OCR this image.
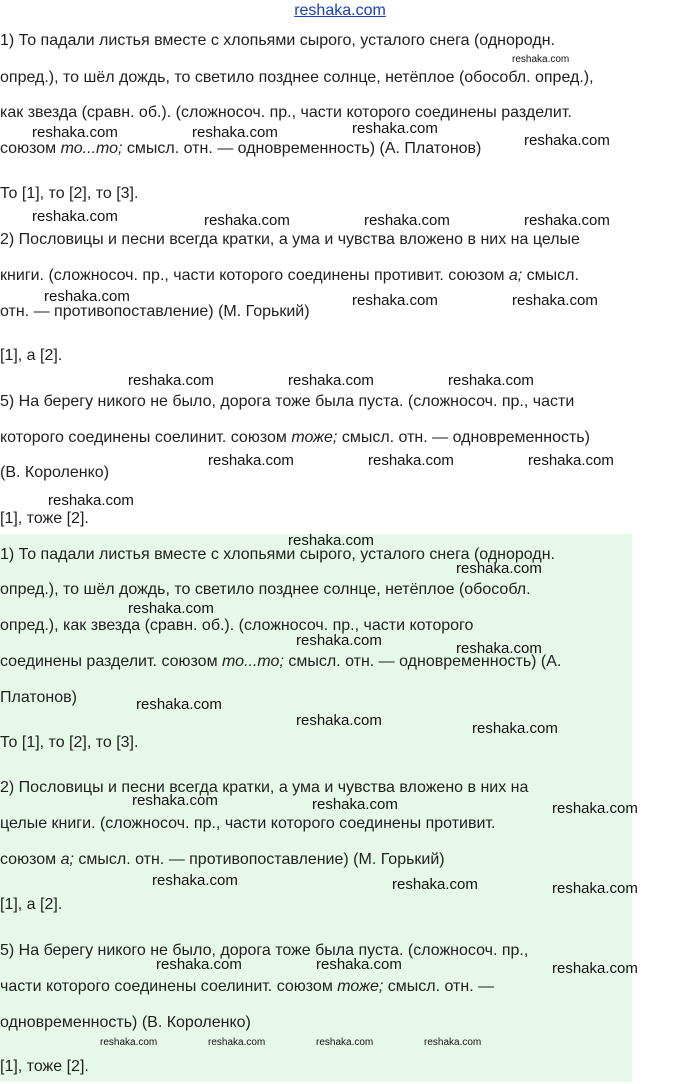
reshaka.com
1) То падали листья вместе с хлопьями сырого, усталого снега (однородн.
опред.), то шёл дождь, то светило позднее солнце, нетёплое (обособл. опред.),
как звезда (сравн. об.). (сложносоч. пр., части которого соединены разделит.
союзом то...то; смысл. отн. — одновременность) (А. Платонов)
То [1], то [2], то [3].
2) Пословицы и песни всегда кратки, а ума и чувства вложено в них на целые
книги. (сложносоч. пр., части которого соединены противит. союзом а; смысл.
отн. — противопоставление) (М. Горький)
[1], а [2].
5) На берегу никого не было, дорога тоже была пуста. (сложносоч. пр., части
которого соединены соелинит. союзом тоже; смысл. отн. — одновременность)
(В. Короленко)
[1], тоже [2].
1) То падали листья вместе с хлопьями сырого, усталого снега (однородн.
опред.), то шёл дождь, то светило позднее солнце, нетёплое (обособл.
опред.), как звезда (сравн. об.). (сложносоч. пр., части которого
соединены разделит. союзом то...то; смысл. отн. — одновременность) (А.
Платонов)
То [1], то [2], то [3].
2) Пословицы и песни всегда кратки, а ума и чувства вложено в них на
целые книги. (сложносоч. пр., части которого соединены противит.
союзом а; смысл. отн. — противопоставление) (М. Горький)
[1], а [2].
5) На берегу никого не было, дорога тоже была пуста. (сложносоч. пр.,
части которого соединены соелинит. союзом тоже; смысл. отн. —
одновременность) (В. Короленко)
[1], тоже [2].
reshaka.com
reshaka.com	reshaka.com	reshaka.com
reshaka.com
reshaka.com	reshaka.com	reshaka.com	reshaka.com
reshaka.com	reshaka.com	reshaka.com
reshaka.com	reshaka.com	reshaka.com
reshaka.com	reshaka.com	reshaka.com
reshaka.com
reshaka.com
reshaka.com
reshaka.com
reshaka.com	reshaka.com
reshaka.com
reshaka.com	reshaka.com
reshaka.com	reshaka.com	reshaka.com
reshaka.com	reshaka.com	reshaka.com
reshaka.com	reshaka.com	reshaka.com
reshaka.com	reshaka.com	reshaka.com	reshaka.com
